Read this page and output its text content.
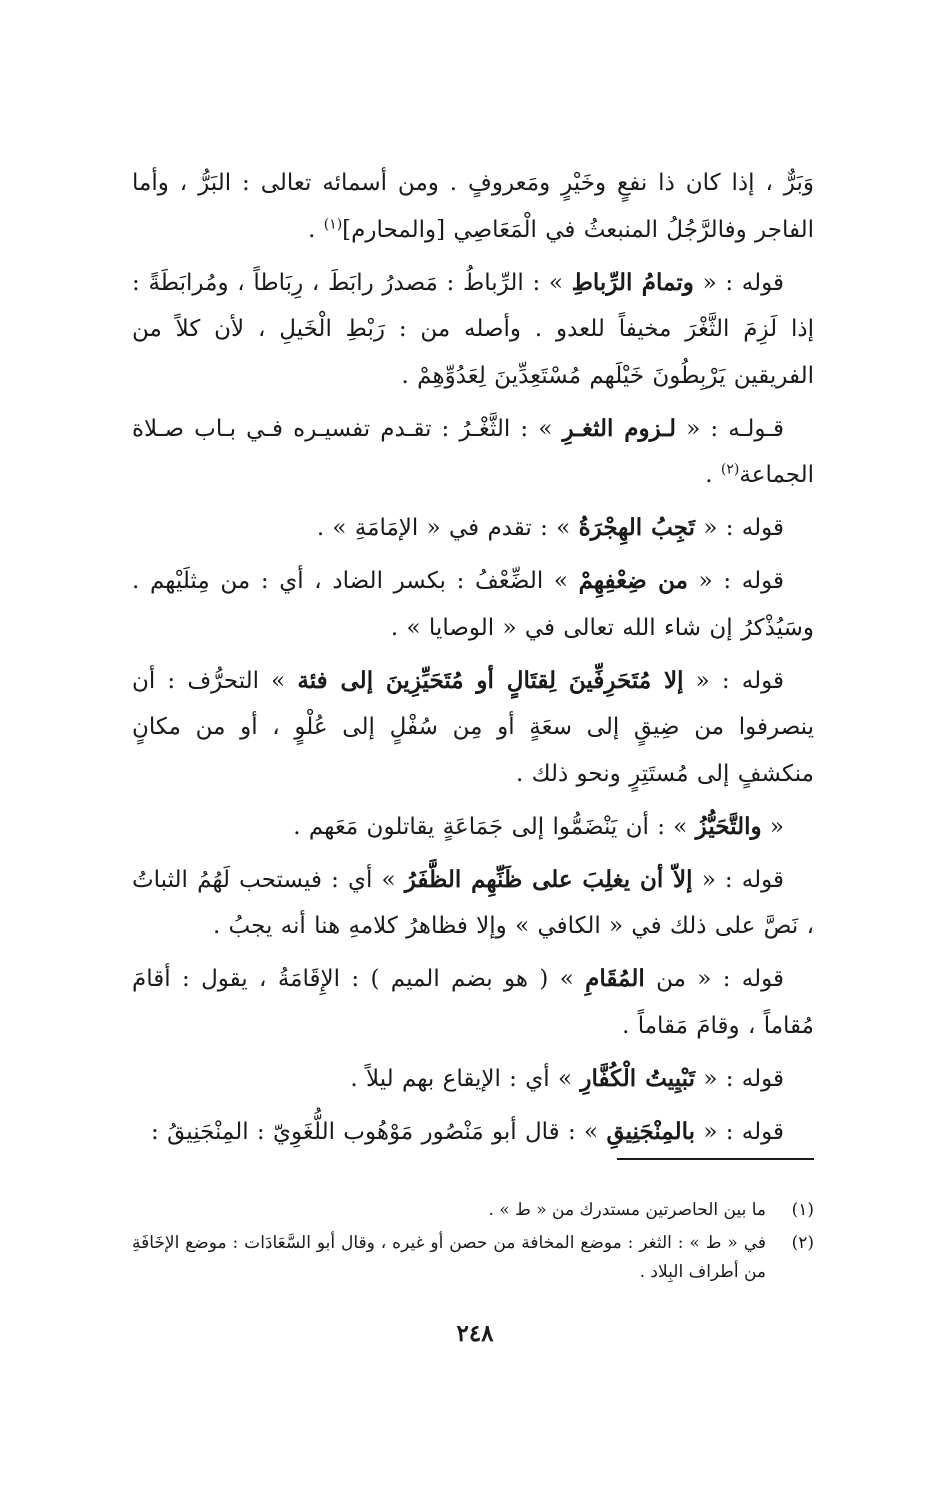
وَبَرٌّ ، إذا كان ذا نفعٍ وخَيْرٍ ومَعروفٍ . ومن أسمائه تعالى : البَرُّ ، وأما الفاجر وفالرَّجُلُ المنبعثُ في الْمَعَاصِي [والمحارم]$^{(١)}$ .

قوله : « وتمامُ الرِّباطِ » : الرِّباطُ : مَصدرُ رابَطَ ، رِبَاطاً ، ومُرابَطَةً : إذا لَزِمَ الثَّغْرَ مخيفاً للعدو . وأصله من : رَبْطِ الْخَيلِ ، لأن كلاً من الفريقين يَرْبِطُونَ خَيْلَهم مُسْتَعِدِّينَ لِعَدُوِّهِمْ .

قـولـه : « لـزوم الثغـرِ » : الثَّغْـرُ : تقـدم تفسيـره فـي بـاب صـلاة الجماعة$^{(٢)}$ .

قوله : « تَجِبُ الهِجْرَةُ » : تقدم في « الإمَامَةِ » .

قوله : « من ضِعْفِهِمْ » الضِّعْفُ : بكسر الضاد ، أي : من مِثلَيْهم . وسَيُذْكرُ إن شاء الله تعالى في « الوصايا » .

قوله : « إلا مُتَحَرِفِّينَ لِقتَالٍ أو مُتَحَيِّزِينَ إلى فئة » التحرُّف : أن ينصرفوا من ضِيقٍ إلى سعَةٍ أو مِن سُفْلٍ إلى عُلْوٍ ، أو من مكانٍ منكشفٍ إلى مُستَتِرٍ ونحو ذلك .

« والتَّحَيُّزُ » : أن يَنْضَمُّوا إلى جَمَاعَةٍ يقاتلون مَعَهم .

قوله : « إلاّ أن يغلِبَ على ظَنِّهِم الظَّفَرُ » أي : فيستحب لَهُمُ الثباتُ ، نَصَّ على ذلك في « الكافي » وإلا فظاهرُ كلامهِ هنا أنه يجبُ .

قوله : « من المُقَامِ » ( هو بضم الميم ) : الإِقَامَةُ ، يقول : أقامَ مُقاماً ، وقامَ مَقاماً .

قوله : « تَبْيِيتُ الْكُفَّارِ » أي : الإيقاع بهم ليلاً .

قوله : « بالمِنْجَنِيقِ » : قال أبو مَنْصُور مَوْهُوب اللُّغَوِيّ : المِنْجَنِيقُ :

(١)
ما بين الحاصرتين مستدرك من « ط » .
(٢)
في « ط » : الثغر : موضع المخافة من حصن أو غيره ، وقال أبو السَّعَادَات : موضع الإخَافَةِ من أطراف البِلاد .
٢٤٨
